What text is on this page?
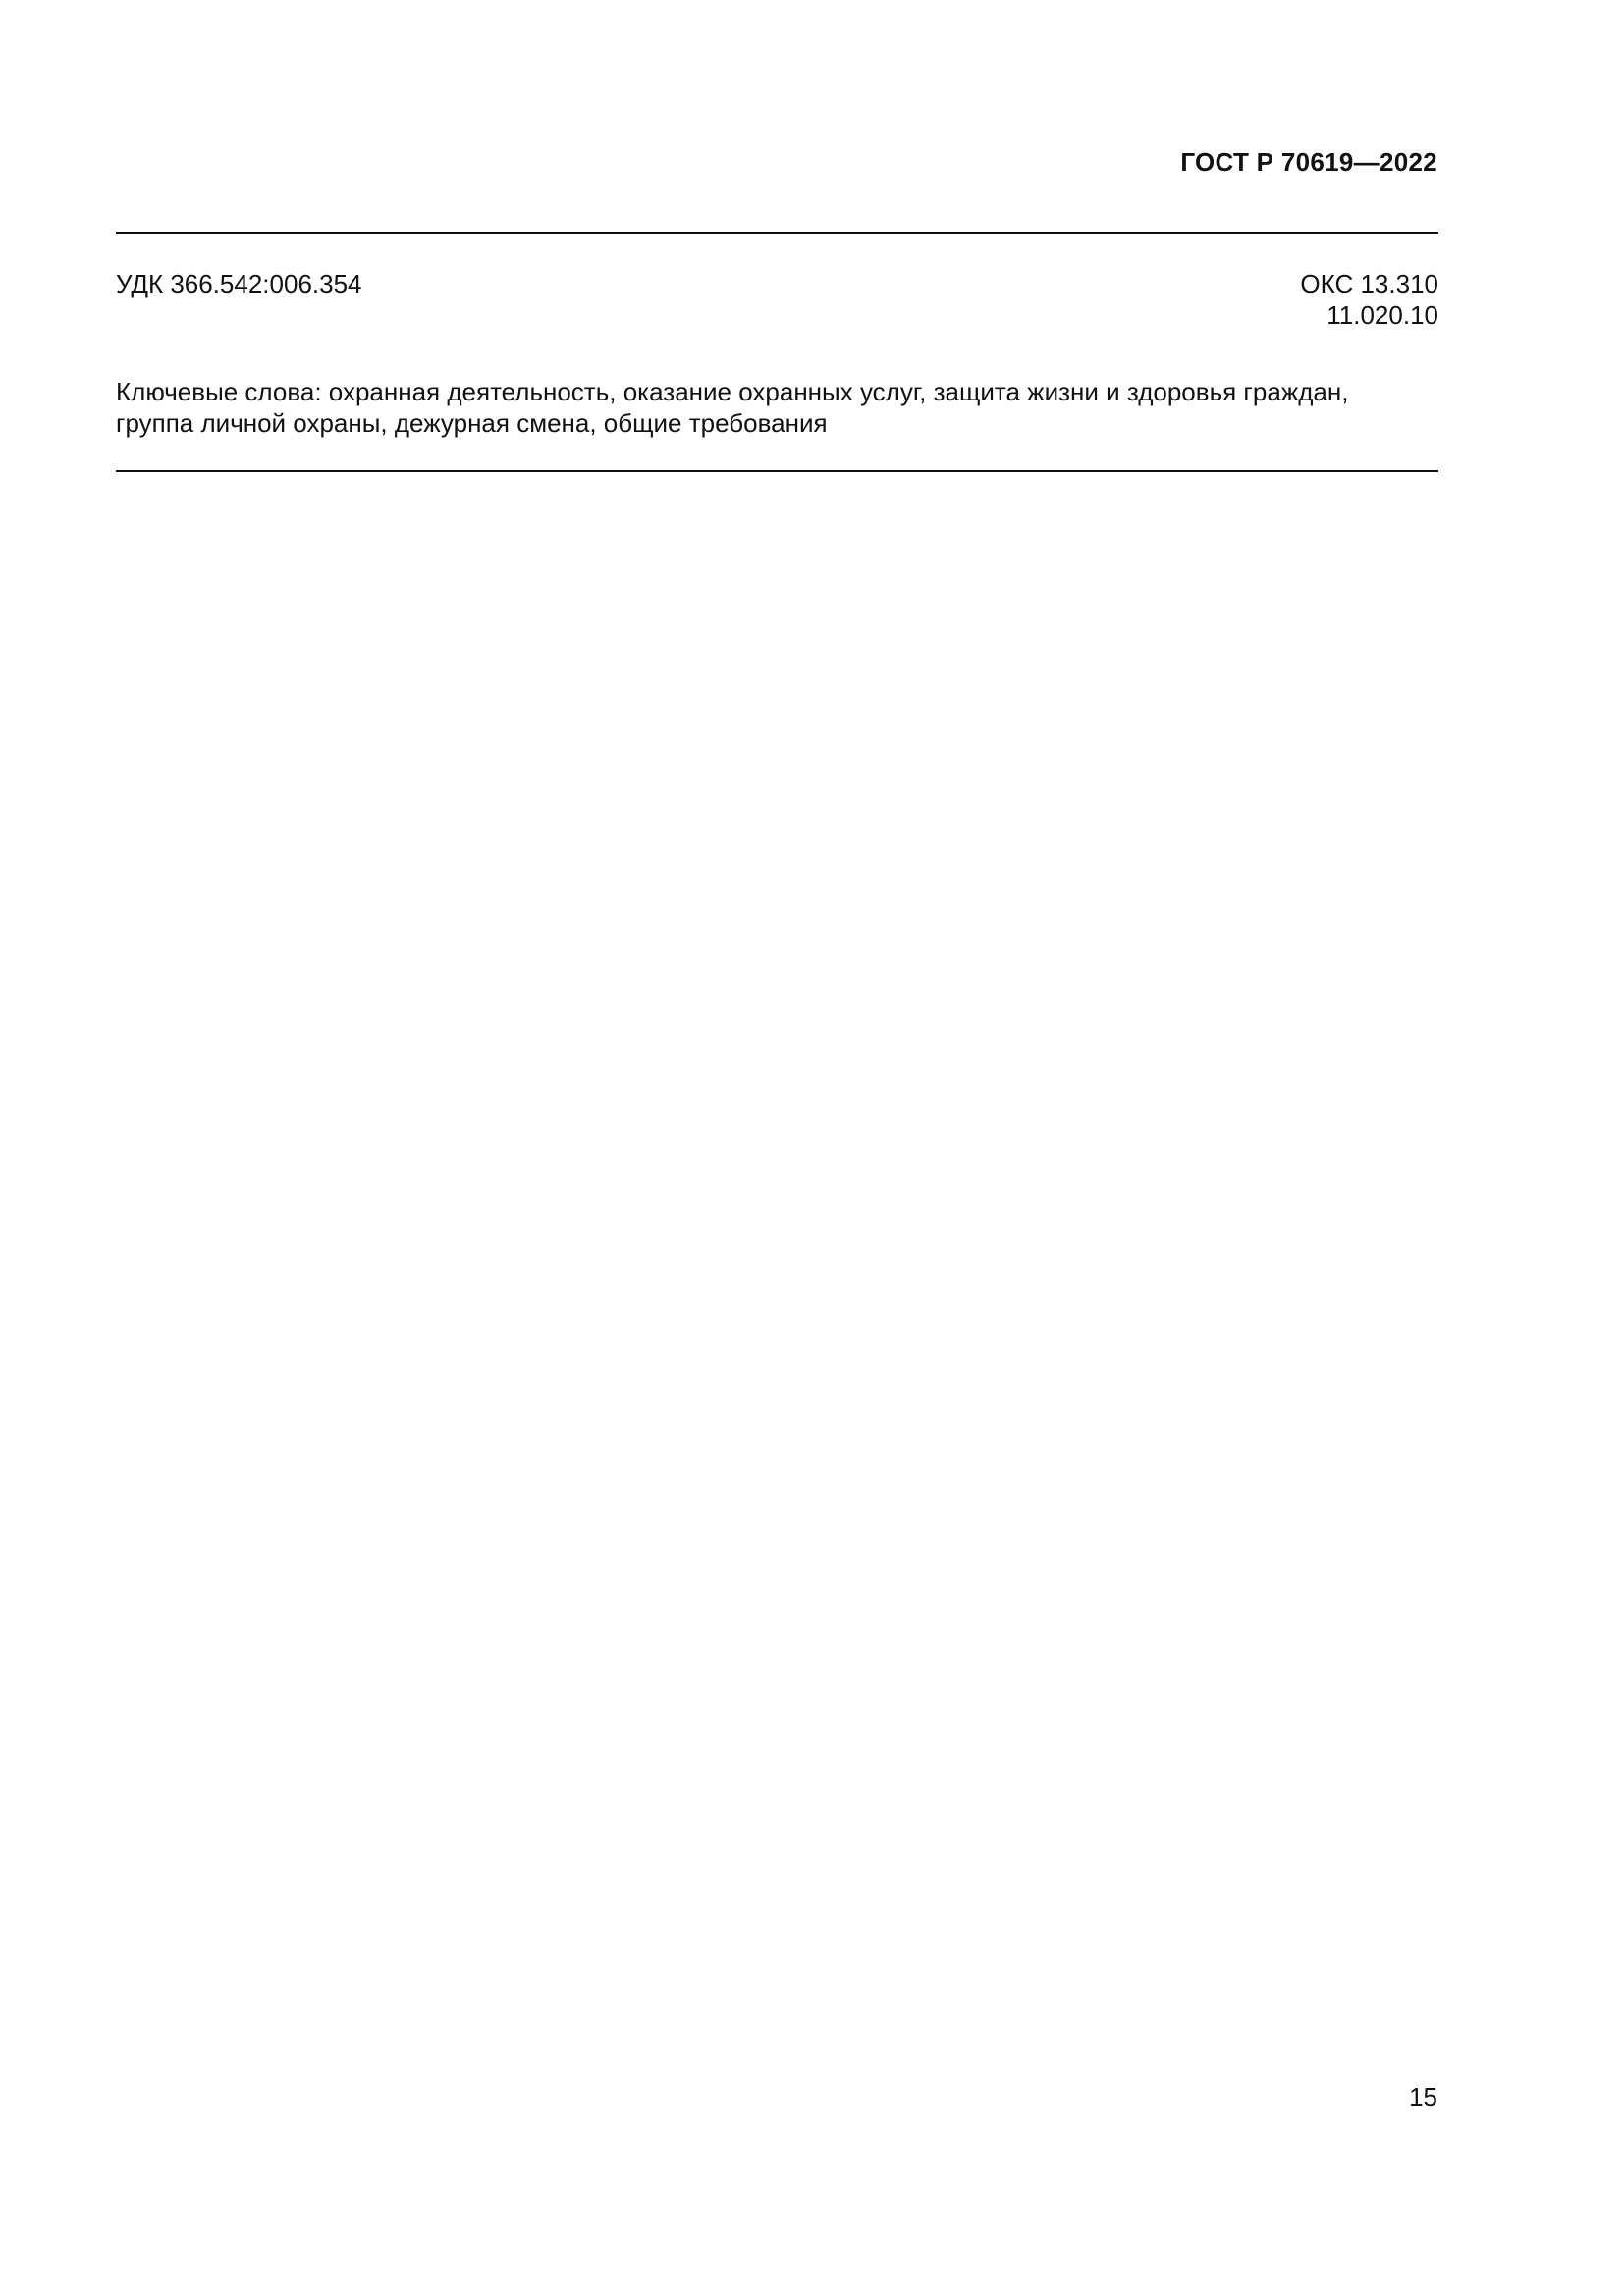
ГОСТ Р 70619—2022
УДК 366.542:006.354	ОКС 13.310
11.020.10
Ключевые слова: охранная деятельность, оказание охранных услуг, защита жизни и здоровья граждан,
группа личной охраны, дежурная смена, общие требования
15
